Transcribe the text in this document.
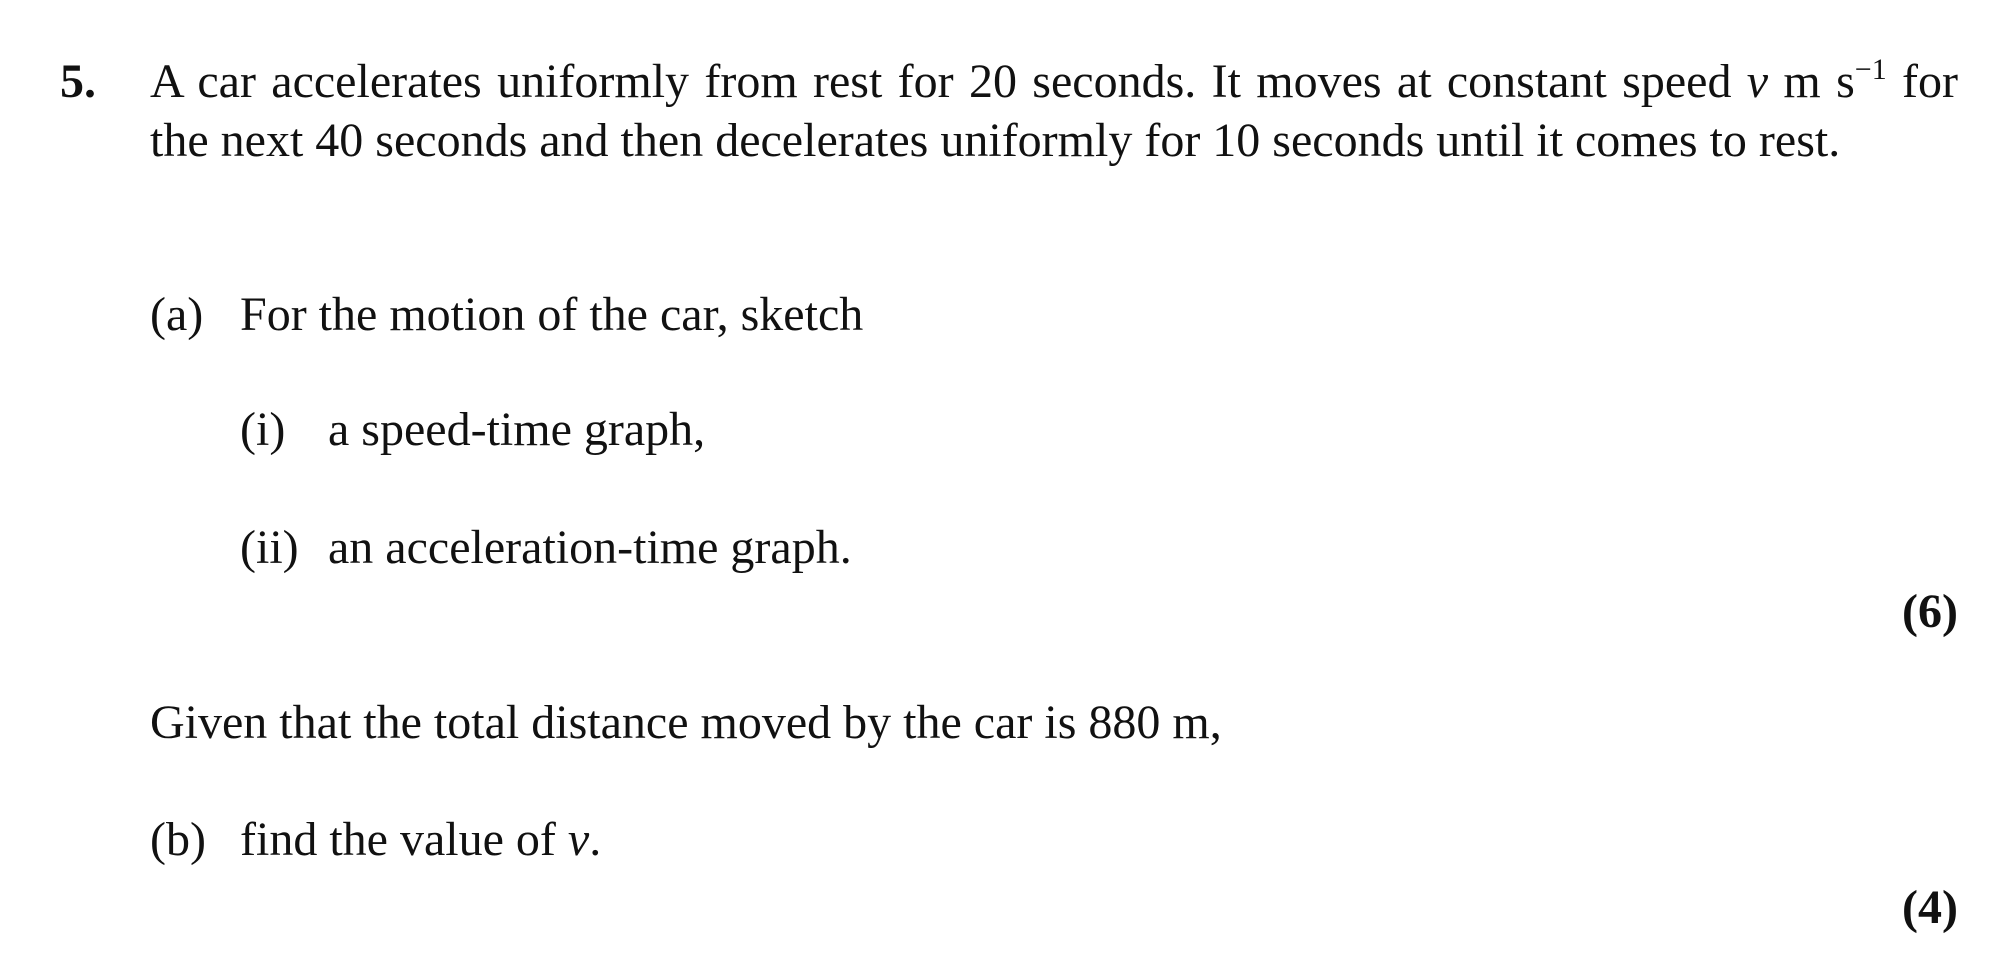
5. A car accelerates uniformly from rest for 20 seconds. It moves at constant speed v m $s^{-1}$ for the next 40 seconds and then decelerates uniformly for 10 seconds until it comes to rest.
(a) For the motion of the car, sketch
(i) a speed-time graph,
(ii) an acceleration-time graph.
(6)
Given that the total distance moved by the car is 880 m,
(b) find the value of v.
(4)
